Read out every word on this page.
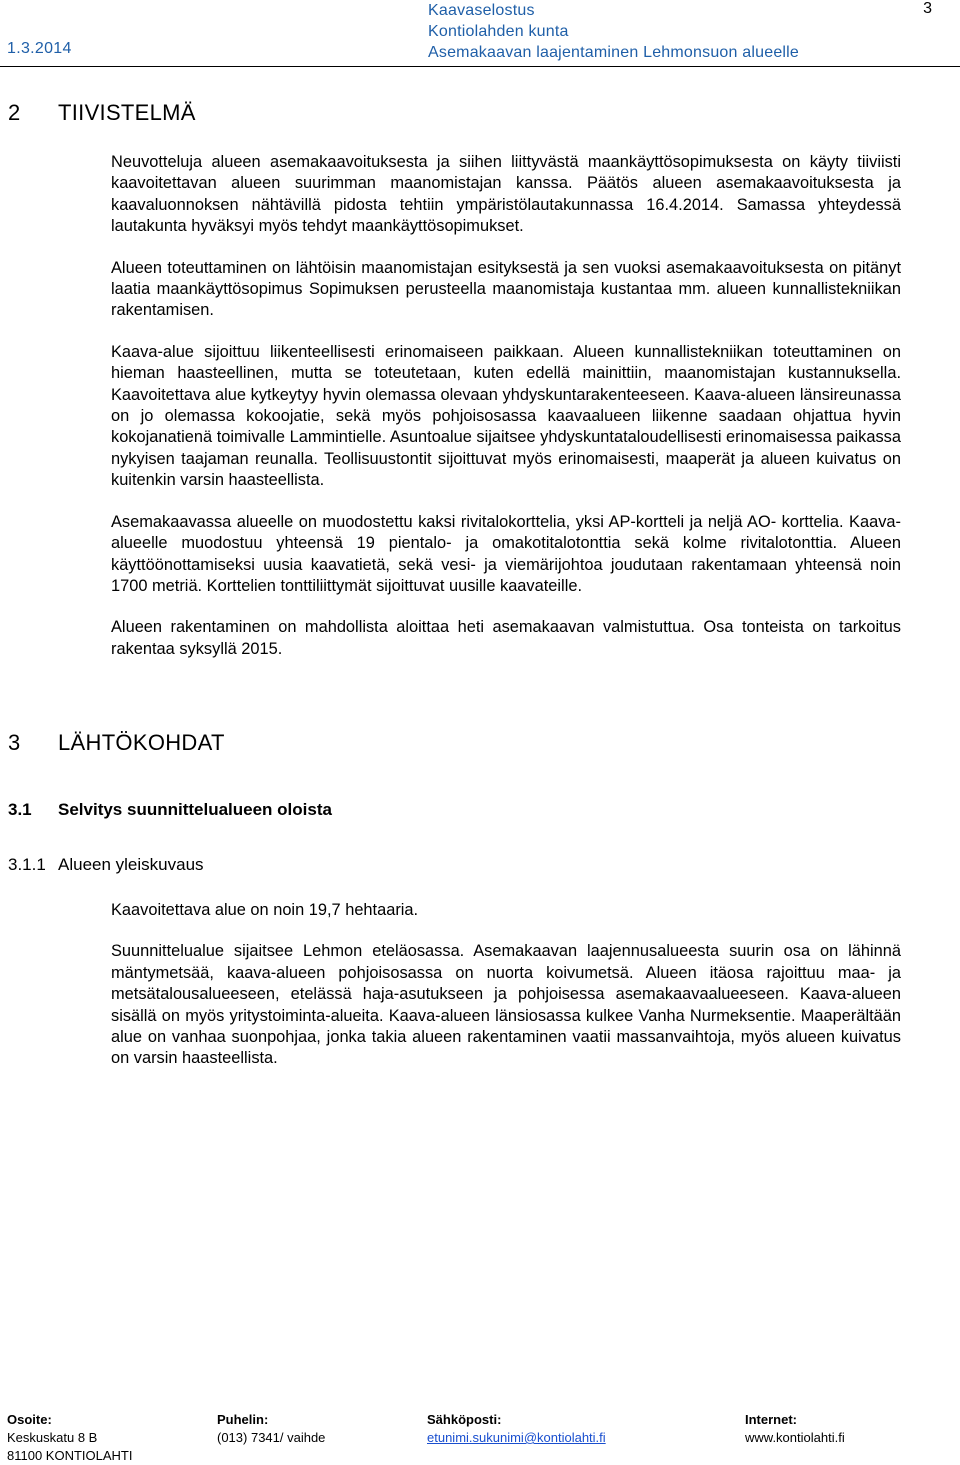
1.3.2014
Kaavaselostus
Kontiolahden kunta
Asemakaavan laajentaminen Lehmonsuon alueelle
3
2 TIIVISTELMÄ

Neuvotteluja alueen asemakaavoituksesta ja siihen liittyvästä maankäyttösopimuksesta on käyty tiiviisti kaavoitettavan alueen suurimman maanomistajan kanssa. Päätös alueen asemakaavoituksesta ja kaavaluonnoksen nähtävillä pidosta tehtiin ympäristölautakunnassa 16.4.2014. Samassa yhteydessä lautakunta hyväksyi myös tehdyt maankäyttösopimukset.

Alueen toteuttaminen on lähtöisin maanomistajan esityksestä ja sen vuoksi asemakaavoituksesta on pitänyt laatia maankäyttösopimus Sopimuksen perusteella maanomistaja kustantaa mm. alueen kunnallistekniikan rakentamisen.

Kaava-alue sijoittuu liikenteellisesti erinomaiseen paikkaan. Alueen kunnallistekniikan toteuttaminen on hieman haasteellinen, mutta se toteutetaan, kuten edellä mainittiin, maanomistajan kustannuksella. Kaavoitettava alue kytkeytyy hyvin olemassa olevaan yhdyskuntarakenteeseen. Kaava-alueen länsireunassa on jo olemassa kokoojatie, sekä myös pohjoisosassa kaavaalueen liikenne saadaan ohjattua hyvin kokojanatienä toimivalle Lammintielle. Asuntoalue sijaitsee yhdyskuntataloudellisesti erinomaisessa paikassa nykyisen taajaman reunalla. Teollisuustontit sijoittuvat myös erinomaisesti, maaperät ja alueen kuivatus on kuitenkin varsin haasteellista.

Asemakaavassa alueelle on muodostettu kaksi rivitalokorttelia, yksi AP-kortteli ja neljä AO- korttelia. Kaava-alueelle muodostuu yhteensä 19 pientalo- ja omakotitalotonttia sekä kolme rivitalotonttia. Alueen käyttöönottamiseksi uusia kaavatietä, sekä vesi- ja viemärijohtoa joudutaan rakentamaan yhteensä noin 1700 metriä. Korttelien tonttiliittymät sijoittuvat uusille kaavateille.

Alueen rakentaminen on mahdollista aloittaa heti asemakaavan valmistuttua. Osa tonteista on tarkoitus rakentaa syksyllä 2015.

3 LÄHTÖKOHDAT
3.1 Selvitys suunnittelualueen oloista
3.1.1 Alueen yleiskuvaus

Kaavoitettava alue on noin 19,7 hehtaaria.

Suunnittelualue sijaitsee Lehmon eteläosassa. Asemakaavan laajennusalueesta suurin osa on lähinnä mäntymetsää, kaava-alueen pohjoisosassa on nuorta koivumetsä. Alueen itäosa rajoittuu maa- ja metsätalousalueeseen, etelässä haja-asutukseen ja pohjoisessa asemakaavaalueeseen. Kaava-alueen sisällä on myös yritystoiminta-alueita. Kaava-alueen länsiosassa kulkee Vanha Nurmeksentie. Maaperältään alue on vanhaa suonpohjaa, jonka takia alueen rakentaminen vaatii massanvaihtoja, myös alueen kuivatus on varsin haasteellista.

Osoite:
Keskuskatu 8 B
81100 KONTIOLAHTI
Puhelin:
(013) 7341/ vaihde
Sähköposti:
etunimi.sukunimi@kontiolahti.fi
Internet:
www.kontiolahti.fi
